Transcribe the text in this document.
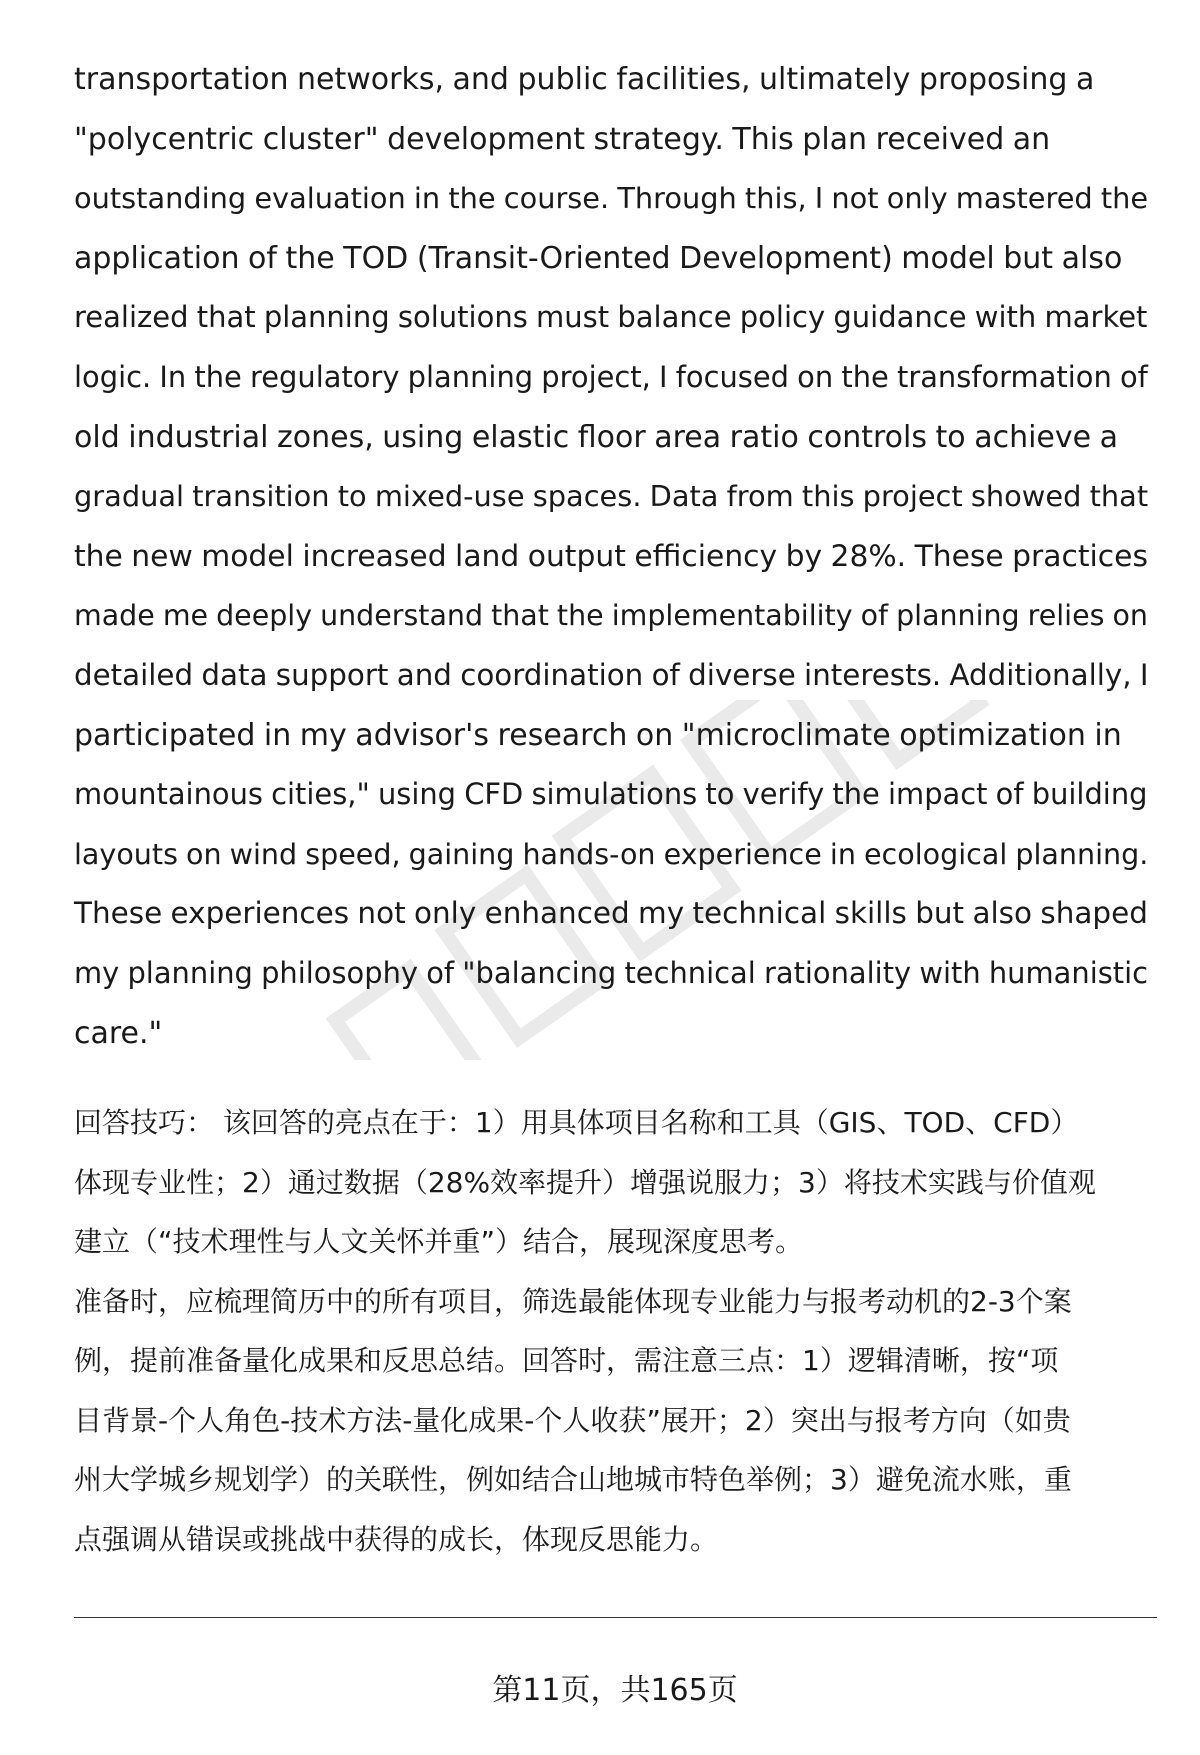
transportation networks, and public facilities, ultimately proposing a
"polycentric cluster" development strategy. This plan received an
outstanding evaluation in the course. Through this, I not only mastered the
application of the TOD (Transit-Oriented Development) model but also
realized that planning solutions must balance policy guidance with market
logic. In the regulatory planning project, I focused on the transformation of
old industrial zones, using elastic floor area ratio controls to achieve a
gradual transition to mixed-use spaces. Data from this project showed that
the new model increased land output efficiency by 28%. These practices
made me deeply understand that the implementability of planning relies on
detailed data support and coordination of diverse interests. Additionally, I
participated in my advisor's research on "microclimate optimization in
mountainous cities," using CFD simulations to verify the impact of building
layouts on wind speed, gaining hands-on experience in ecological planning.
These experiences not only enhanced my technical skills but also shaped
my planning philosophy of "balancing technical rationality with humanistic
care."
回答技巧： 该回答的亮点在于：1）用具体项目名称和工具（GIS、TOD、CFD）
体现专业性；2）通过数据（28%效率提升）增强说服力；3）将技术实践与价值观
建立（“技术理性与人文关怀并重”）结合，展现深度思考。
准备时，应梳理简历中的所有项目，筛选最能体现专业能力与报考动机的2-3个案
例，提前准备量化成果和反思总结。回答时，需注意三点：1）逻辑清晰，按“项
目背景-个人角色-技术方法-量化成果-个人收获”展开；2）突出与报考方向（如贵
州大学城乡规划学）的关联性，例如结合山地城市特色举例；3）避免流水账，重
点强调从错误或挑战中获得的成长，体现反思能力。
第11页，共165页
